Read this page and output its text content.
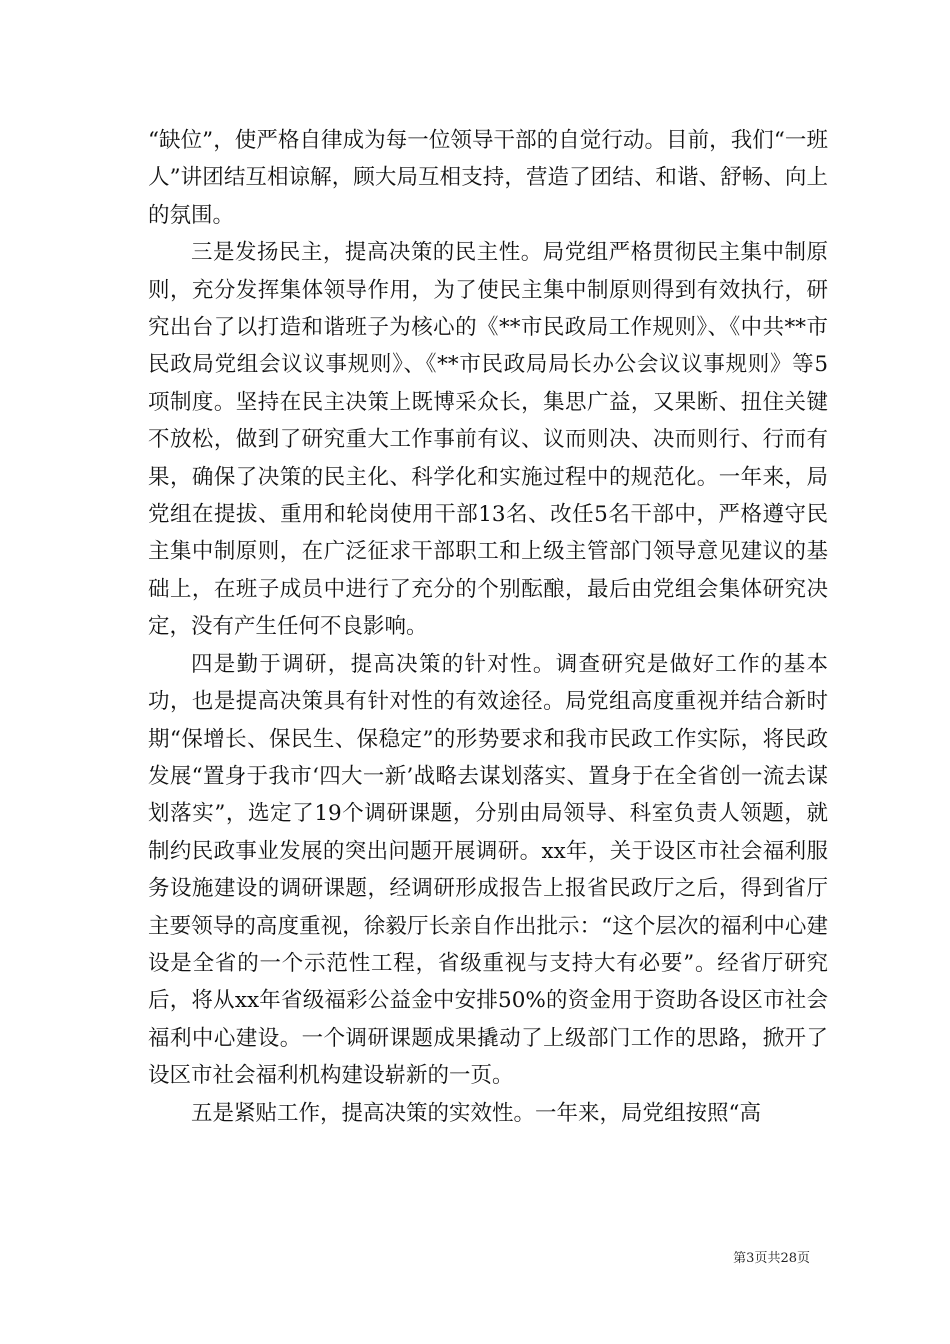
“缺位”，使严格自律成为每一位领导干部的自觉行动。目前，我们“一班人”讲团结互相谅解，顾大局互相支持，营造了团结、和谐、舒畅、向上的氛围。

三是发扬民主，提高决策的民主性。局党组严格贯彻民主集中制原则，充分发挥集体领导作用，为了使民主集中制原则得到有效执行，研究出台了以打造和谐班子为核心的《**市民政局工作规则》、《中共**市民政局党组会议议事规则》、《**市民政局局长办公会议议事规则》等5项制度。坚持在民主决策上既博采众长，集思广益，又果断、扭住关键不放松，做到了研究重大工作事前有议、议而则决、决而则行、行而有果，确保了决策的民主化、科学化和实施过程中的规范化。一年来，局党组在提拔、重用和轮岗使用干部13名、改任5名干部中，严格遵守民主集中制原则，在广泛征求干部职工和上级主管部门领导意见建议的基础上，在班子成员中进行了充分的个别酝酿，最后由党组会集体研究决定，没有产生任何不良影响。

四是勤于调研，提高决策的针对性。调查研究是做好工作的基本功，也是提高决策具有针对性的有效途径。局党组高度重视并结合新时期“保增长、保民生、保稳定”的形势要求和我市民政工作实际，将民政发展“置身于我市‘四大一新’战略去谋划落实、置身于在全省创一流去谋划落实”，选定了19个调研课题，分别由局领导、科室负责人领题，就制约民政事业发展的突出问题开展调研。xx年，关于设区市社会福利服务设施建设的调研课题，经调研形成报告上报省民政厅之后，得到省厅主要领导的高度重视，徐毅厅长亲自作出批示：“这个层次的福利中心建设是全省的一个示范性工程，省级重视与支持大有必要”。经省厅研究后，将从xx年省级福彩公益金中安排50%的资金用于资助各设区市社会福利中心建设。一个调研课题成果撬动了上级部门工作的思路，掀开了设区市社会福利机构建设崭新的一页。

五是紧贴工作，提高决策的实效性。一年来，局党组按照“高

第3页共28页
